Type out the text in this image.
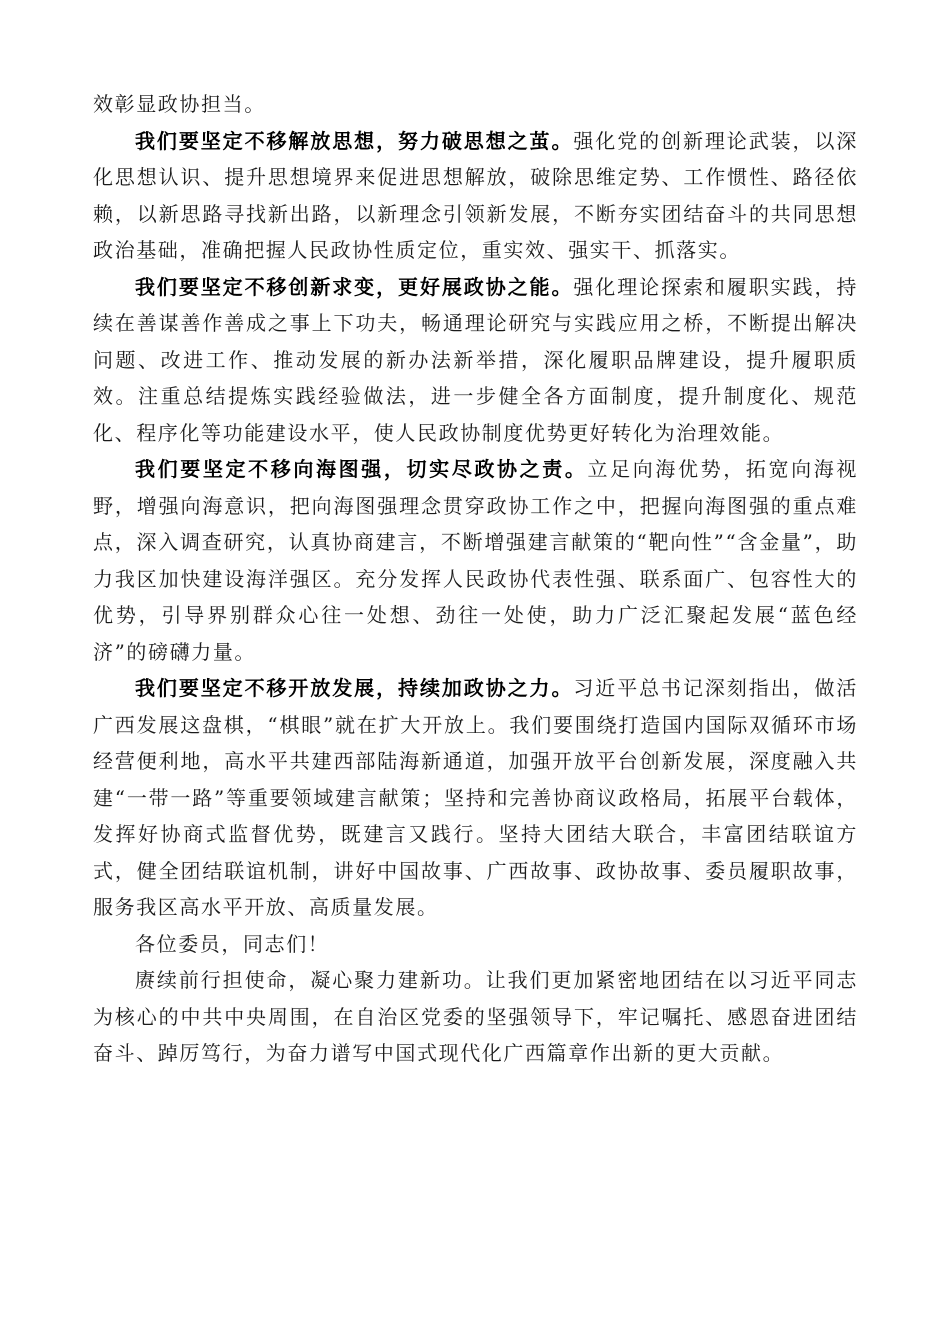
效彰显政协担当。

我们要坚定不移解放思想，努力破思想之茧。强化党的创新理论武装，以深化思想认识、提升思想境界来促进思想解放，破除思维定势、工作惯性、路径依赖，以新思路寻找新出路，以新理念引领新发展，不断夯实团结奋斗的共同思想政治基础，准确把握人民政协性质定位，重实效、强实干、抓落实。

我们要坚定不移创新求变，更好展政协之能。强化理论探索和履职实践，持续在善谋善作善成之事上下功夫，畅通理论研究与实践应用之桥，不断提出解决问题、改进工作、推动发展的新办法新举措，深化履职品牌建设，提升履职质效。注重总结提炼实践经验做法，进一步健全各方面制度，提升制度化、规范化、程序化等功能建设水平，使人民政协制度优势更好转化为治理效能。

我们要坚定不移向海图强，切实尽政协之责。立足向海优势，拓宽向海视野，增强向海意识，把向海图强理念贯穿政协工作之中，把握向海图强的重点难点，深入调查研究，认真协商建言，不断增强建言献策的“靶向性”“含金量”，助力我区加快建设海洋强区。充分发挥人民政协代表性强、联系面广、包容性大的优势，引导界别群众心往一处想、劲往一处使，助力广泛汇聚起发展“蓝色经济”的磅礴力量。

我们要坚定不移开放发展，持续加政协之力。习近平总书记深刻指出，做活广西发展这盘棋，“棋眼”就在扩大开放上。我们要围绕打造国内国际双循环市场经营便利地，高水平共建西部陆海新通道，加强开放平台创新发展，深度融入共建“一带一路”等重要领域建言献策；坚持和完善协商议政格局，拓展平台载体，发挥好协商式监督优势，既建言又践行。坚持大团结大联合，丰富团结联谊方式，健全团结联谊机制，讲好中国故事、广西故事、政协故事、委员履职故事，服务我区高水平开放、高质量发展。

各位委员，同志们！

赓续前行担使命，凝心聚力建新功。让我们更加紧密地团结在以习近平同志为核心的中共中央周围，在自治区党委的坚强领导下，牢记嘱托、感恩奋进团结奋斗、踔厉笃行，为奋力谱写中国式现代化广西篇章作出新的更大贡献。
